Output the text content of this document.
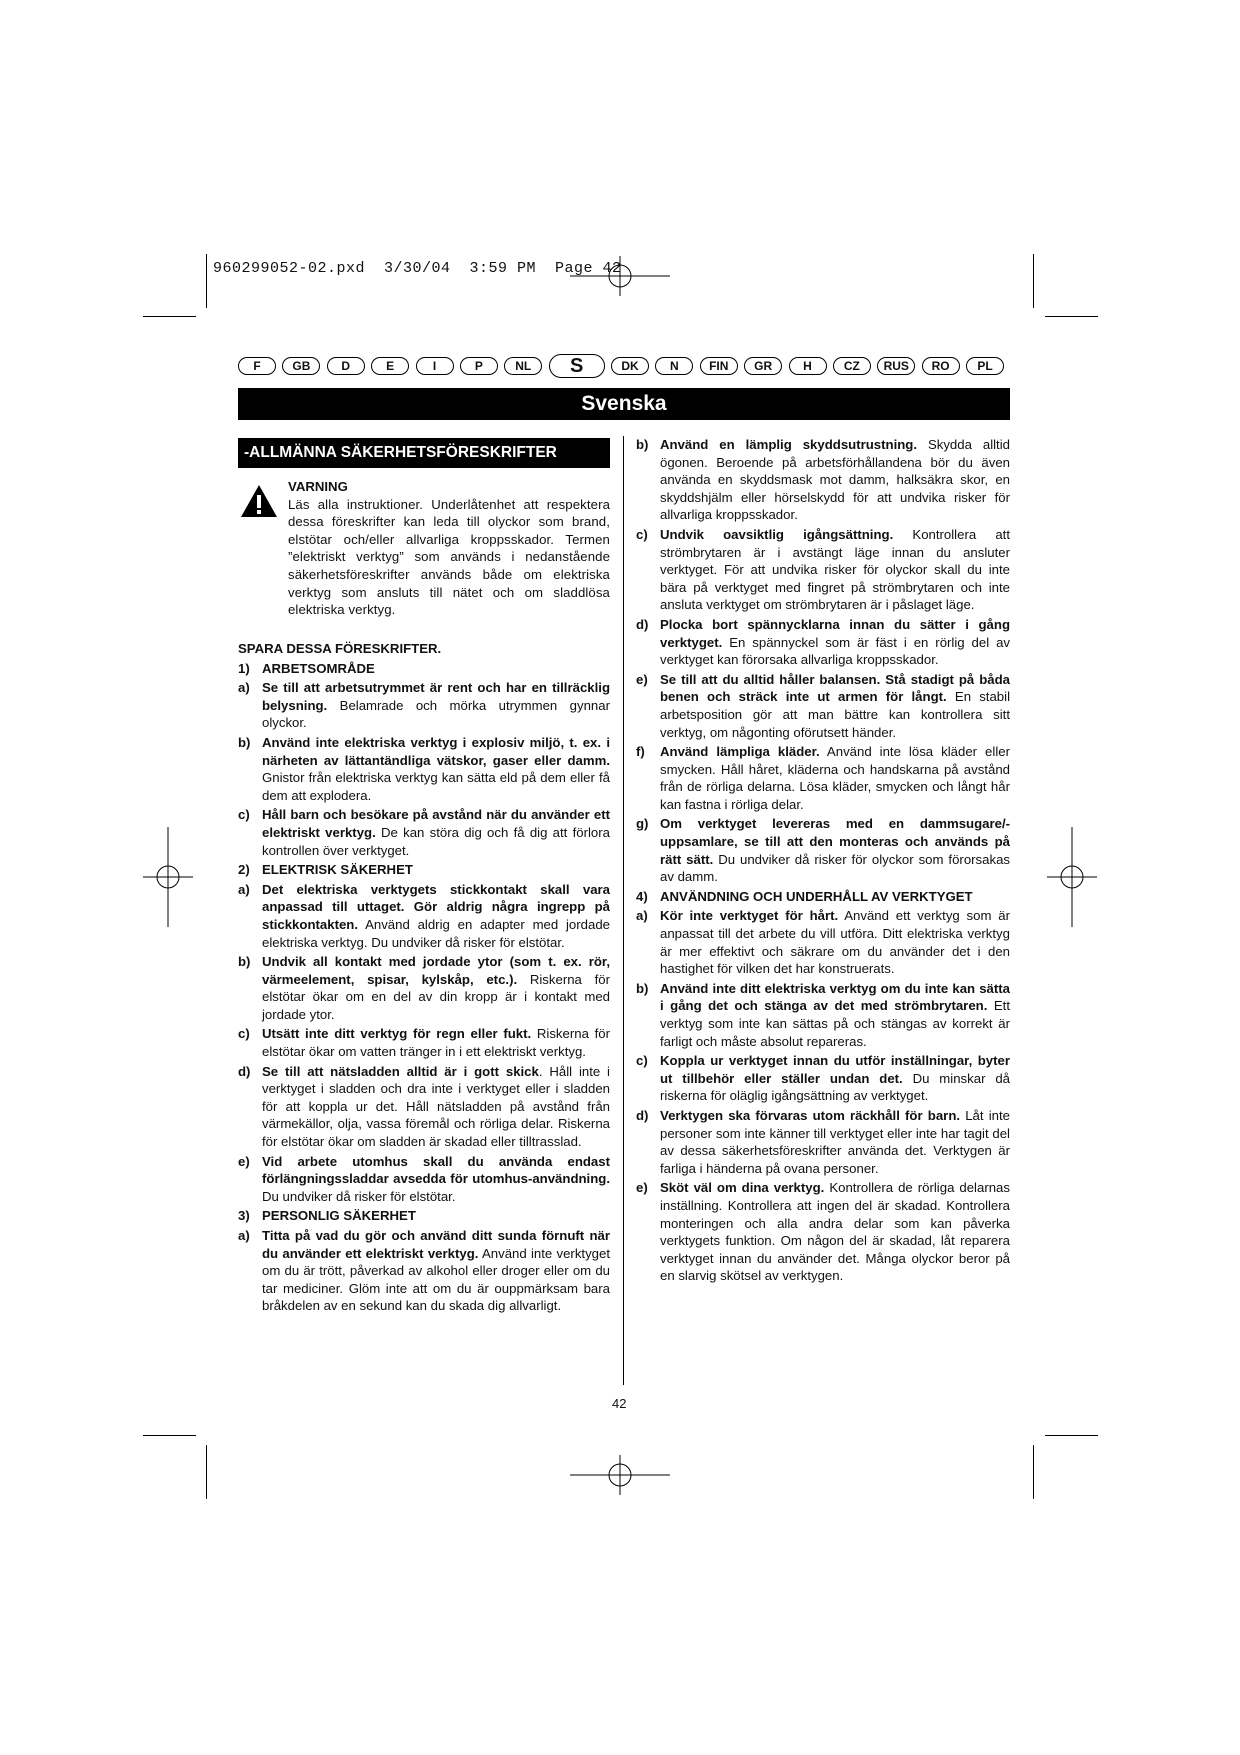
960299052-02.pxd  3/30/04  3:59 PM  Page 42
F	GB	D	E	I	P	NL	S	DK	N	FIN	GR	H	CZ	RUS	RO	PL
Svenska
-ALLMÄNNA SÄKERHETSFÖRESKRIFTER

VARNING

Läs alla instruktioner. Underlåtenhet att respektera dessa föreskrifter kan leda till olyckor som brand, elstötar och/eller allvarliga kroppsskador. Termen ”elektriskt verktyg” som används i nedanstående säkerhetsföreskrifter används både om elektriska verktyg som ansluts till nätet och om sladdlösa elektriska verktyg.

SPARA DESSA FÖRESKRIFTER.

1) ARBETSOMRÅDE
a) Se till att arbetsutrymmet är rent och har en tillräcklig belysning. Belamrade och mörka utrymmen gynnar olyckor.
b) Använd inte elektriska verktyg i explosiv miljö, t. ex. i närheten av lättantändliga vätskor, gaser eller damm. Gnistor från elektriska verktyg kan sätta eld på dem eller få dem att explodera.
c) Håll barn och besökare på avstånd när du använder ett elektriskt verktyg. De kan störa dig och få dig att förlora kontrollen över verktyget.
2) ELEKTRISK SÄKERHET
a) Det elektriska verktygets stickkontakt skall vara anpassad till uttaget. Gör aldrig några ingrepp på stickkontakten. Använd aldrig en adapter med jordade elektriska verktyg. Du undviker då risker för elstötar.
b) Undvik all kontakt med jordade ytor (som t. ex. rör, värmeelement, spisar, kylskåp, etc.). Riskerna för elstötar ökar om en del av din kropp är i kontakt med jordade ytor.
c) Utsätt inte ditt verktyg för regn eller fukt. Riskerna för elstötar ökar om vatten tränger in i ett elektriskt verktyg.
d) Se till att nätsladden alltid är i gott skick. Håll inte i verktyget i sladden och dra inte i verktyget eller i sladden för att koppla ur det. Håll nätsladden på avstånd från värmekällor, olja, vassa föremål och rörliga delar. Riskerna för elstötar ökar om sladden är skadad eller tilltrasslad.
e) Vid arbete utomhus skall du använda endast förlängningssladdar avsedda för utomhus-användning. Du undviker då risker för elstötar.
3) PERSONLIG SÄKERHET
a) Titta på vad du gör och använd ditt sunda förnuft när du använder ett elektriskt verktyg. Använd inte verktyget om du är trött, påverkad av alkohol eller droger eller om du tar mediciner. Glöm inte att om du är ouppmärksam bara bråkdelen av en sekund kan du skada dig allvarligt.
b) Använd en lämplig skyddsutrustning. Skydda alltid ögonen. Beroende på arbetsförhållandena bör du även använda en skyddsmask mot damm, halksäkra skor, en skyddshjälm eller hörselskydd för att undvika risker för allvarliga kroppsskador.
c) Undvik oavsiktlig igångsättning. Kontrollera att strömbrytaren är i avstängt läge innan du ansluter verktyget. För att undvika risker för olyckor skall du inte bära på verktyget med fingret på strömbrytaren och inte ansluta verktyget om strömbrytaren är i påslaget läge.
d) Plocka bort spännycklarna innan du sätter i gång verktyget. En spännyckel som är fäst i en rörlig del av verktyget kan förorsaka allvarliga kroppsskador.
e) Se till att du alltid håller balansen. Stå stadigt på båda benen och sträck inte ut armen för långt. En stabil arbetsposition gör att man bättre kan kontrollera sitt verktyg, om någonting oförutsett händer.
f) Använd lämpliga kläder. Använd inte lösa kläder eller smycken. Håll håret, kläderna och handskarna på avstånd från de rörliga delarna. Lösa kläder, smycken och långt hår kan fastna i rörliga delar.
g) Om verktyget levereras med en dammsugare/-uppsamlare, se till att den monteras och används på rätt sätt. Du undviker då risker för olyckor som förorsakas av damm.
4) ANVÄNDNING OCH UNDERHÅLL AV VERKTYGET
a) Kör inte verktyget för hårt. Använd ett verktyg som är anpassat till det arbete du vill utföra. Ditt elektriska verktyg är mer effektivt och säkrare om du använder det i den hastighet för vilken det har konstruerats.
b) Använd inte ditt elektriska verktyg om du inte kan sätta i gång det och stänga av det med strömbrytaren. Ett verktyg som inte kan sättas på och stängas av korrekt är farligt och måste absolut repareras.
c) Koppla ur verktyget innan du utför inställningar, byter ut tillbehör eller ställer undan det. Du minskar då riskerna för oläglig igångsättning av verktyget.
d) Verktygen ska förvaras utom räckhåll för barn. Låt inte personer som inte känner till verktyget eller inte har tagit del av dessa säkerhetsföreskrifter använda det. Verktygen är farliga i händerna på ovana personer.
e) Sköt väl om dina verktyg. Kontrollera de rörliga delarnas inställning. Kontrollera att ingen del är skadad. Kontrollera monteringen och alla andra delar som kan påverka verktygets funktion. Om någon del är skadad, låt reparera verktyget innan du använder det. Många olyckor beror på en slarvig skötsel av verktygen.
42
